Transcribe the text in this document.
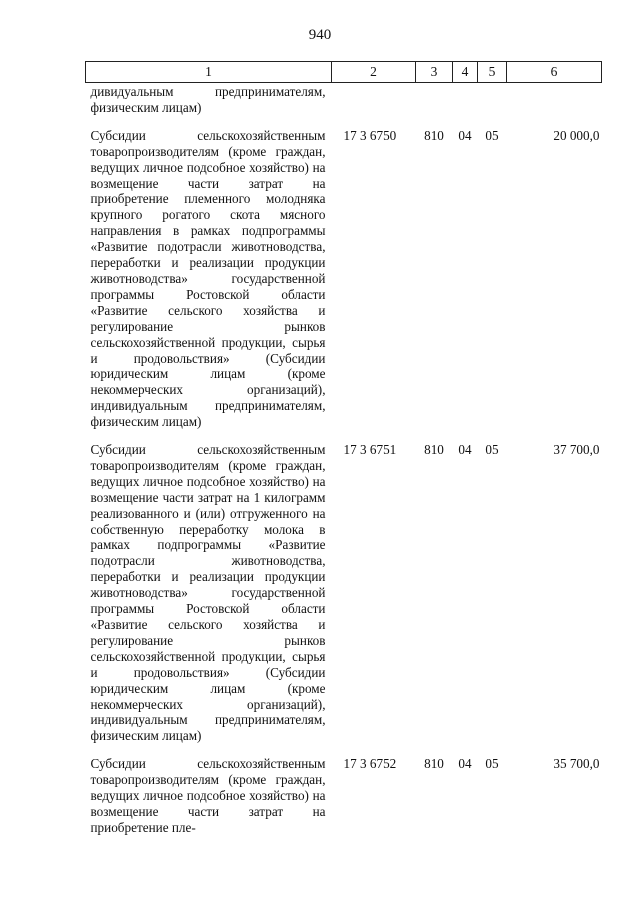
940
1	2	3	4	5	6
дивидуальным предпринимателям, физическим лицам)					
Субсидии сельскохозяйственным товаропроизводителям (кроме граждан, ведущих личное подсобное хозяйство) на возмещение части затрат на приобретение племенного молодняка крупного рогатого скота мясного направления в рамках подпрограммы «Развитие подотрасли животноводства, переработки и реализации продукции животноводства» государственной программы Ростовской области «Развитие сельского хозяйства и регулирование рынков сельскохозяйственной продукции, сырья и продовольствия» (Субсидии юридическим лицам (кроме некоммерческих организаций), индивидуальным предпринимателям, физическим лицам)	17 3 6750	810	04	05	20 000,0
Субсидии сельскохозяйственным товаропроизводителям (кроме граждан, ведущих личное подсобное хозяйство) на возмещение части затрат на 1 килограмм реализованного и (или) отгруженного на собственную переработку молока в рамках подпрограммы «Развитие подотрасли животноводства, переработки и реализации продукции животноводства» государственной программы Ростовской области «Развитие сельского хозяйства и регулирование рынков сельскохозяйственной продукции, сырья и продовольствия» (Субсидии юридическим лицам (кроме некоммерческих организаций), индивидуальным предпринимателям, физическим лицам)	17 3 6751	810	04	05	37 700,0
Субсидии сельскохозяйственным товаропроизводителям (кроме граждан, ведущих личное подсобное хозяйство) на возмещение части затрат на приобретение пле-	17 3 6752	810	04	05	35 700,0
